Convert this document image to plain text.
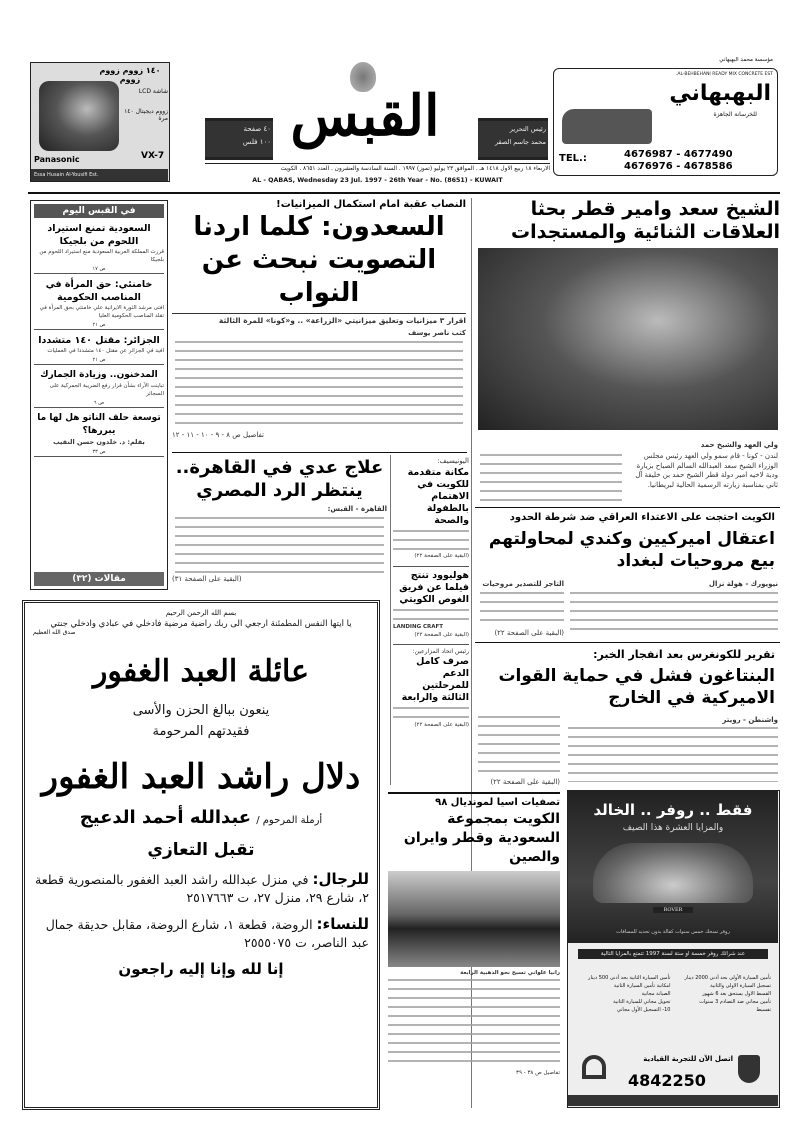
١٤٠ زووم زووم زووم
شاشة LCD
زووم ديجيتال ١٤٠ مرة
Panasonic	VX-7
Essa Husain Al-Yousifi Est.
القبس	رئيس التحرير
محمد جاسم الصقر
٤٠ صفحة
١٠٠ فلس
الاربعاء ١٨ ربيع الاول ١٤١٨ هـ . الموافق ٢٣ يوليو (تموز) ١٩٩٧ . السنة السادسة والعشرون . العدد ٨٦٥١ . الكويت
AL - QABAS, Wednesday 23 Jul. 1997 - 26th Year - No. (8651) - KUWAIT
مؤسسة محمد البهبهاني
AL-BEHBEHANI READY MIX CONCRETE EST.
البهبهاني
للخرسانة الجاهزة
TEL.:	4676987 - 4677490
4676976 - 4678586
الشيخ سعد وامير قطر بحثا العلاقات الثنائية والمستجدات
ولي العهد والشيخ حمد
لندن - كونا - قام سمو ولي العهد رئيس مجلس الوزراء الشيخ سعد العبدالله السالم الصباح بزيارة ودية لاخيه امير دولة قطر الشيخ حمد بن خليفة آل ثاني بمناسبة زيارته الرسمية الحالية لبريطانيا.
الكويت احتجت على الاعتداء العراقي ضد شرطة الحدود
اعتقال اميركيين وكندي لمحاولتهم بيع مروحيات لبغداد
نيويورك - هولة نزال
التاجر للتصدير مروحيات
(البقية على الصفحة ٢٢)
تقرير للكونغرس بعد انفجار الخبر:
البنتاغون فشل في حماية القوات الاميركية في الخارج
واشنطن - رويتر
(البقية على الصفحة ٢٢)
فقط .. روفر .. الخالد
والمزايا العشرة هذا الصيف
ROVER
روفر تمنحك خمس سنوات كفالة بدون تحديد للمسافات
عند شرائك روفر خمسة او ستة لسنة 1997 تتمتع بالمزايا التالية
تأمين السيارة الأولى بحد أدنى 2000 دينار
تأمين السيارة الثانية بحد أدنى 500 دينار
تسجيل السيارة الاولى والثانية
امكانية تأمين السيارة الثانية
القسط الاول يستحق بعد 6 شهور
الصيانة مجانية
تأمين مجاني ضد التصادم 3 سنوات
تحويل مجاني للسيارة الثانية
تقسيط
10- التسجيل الأول مجاني
اتصل الآن للتجربة القيادية
4842250
النصاب عقبة امام استكمال الميزانيات!
السعدون: كلما اردنا التصويت نبحث عن النواب
اقرار ٣ ميزانيات وتعليق ميزانيتي «الزراعة» .. و«كونا» للمرة الثالثة
كتب ناصر يوسف
تفاصيل ص ٨ - ٩ - ١٠ - ١١ - ١٢
علاج عدي في القاهرة.. ينتظر الرد المصري
القاهرة - القبس:
(البقية على الصفحة ٣١)
اليونيسيف:
مكانة متقدمة للكويت في الاهتمام بالطفولة والصحة
(البقية على الصفحة ٢٢)
هوليوود تنتج فيلما عن فريق الغوص الكويتي
LANDING CRAFT
(البقية على الصفحة ٢٢)
رئيس اتحاد المزارعين:
صرف كامل الدعم للمرحلتين الثالثة والرابعة
(البقية على الصفحة ٢٢)
تصفيات اسيا لمونديال ٩٨
الكويت بمجموعة السعودية وقطر وايران والصين
رانيا علواني تسبح نحو الذهبية الرابعة
تفاصيل ص ٣٨ - ٣٩
في القبس اليوم
السعودية تمنع استيراد اللحوم من بلجيكا
قررت المملكة العربية السعودية منع استيراد اللحوم من بلجيكا
ص ١٧
خامنئي: حق المرأة في المناصب الحكومية
افتى مرشد الثورة الايرانية علي خامنئي بحق المرأة في تقلد المناصب الحكومية العليا
ص ٢١
الجزائر: مقتل ١٤٠ متشددا
افيد في الجزائر عن مقتل ١٤٠ متشددا في العمليات
ص ٢١
المدخنون.. وزيادة الجمارك
تباينت الآراء بشأن قرار رفع الضريبة الجمركية على السجائر
ص ٦
توسعة حلف الناتو هل لها ما يبررها؟
بقلم: د. خلدون حسن النقيب
ص ٣٣
مقالات (٣٢)
بسم الله الرحمن الرحيم
يا أيتها النفس المطمئنة ارجعي الى ربك راضية مرضية فادخلي في عبادي وادخلي جنتي
صدق الله العظيم
عائلة العبد الغفور
ينعون ببالغ الحزن والأسى
فقيدتهم المرحومة
دلال راشد العبد الغفور
أرملة المرحوم / عبدالله أحمد الدعيج
تقبل التعازي
للرجال: في منزل عبدالله راشد العبد الغفور بالمنصورية قطعة ٢، شارع ٢٩، منزل ٢٧، ت ٢٥١٧٦٦٣
للنساء: الروضة، قطعة ١، شارع الروضة، مقابل حديقة جمال عبد الناصر، ت ٢٥٥٥٠٧٥
إنا لله وإنا إليه راجعون
